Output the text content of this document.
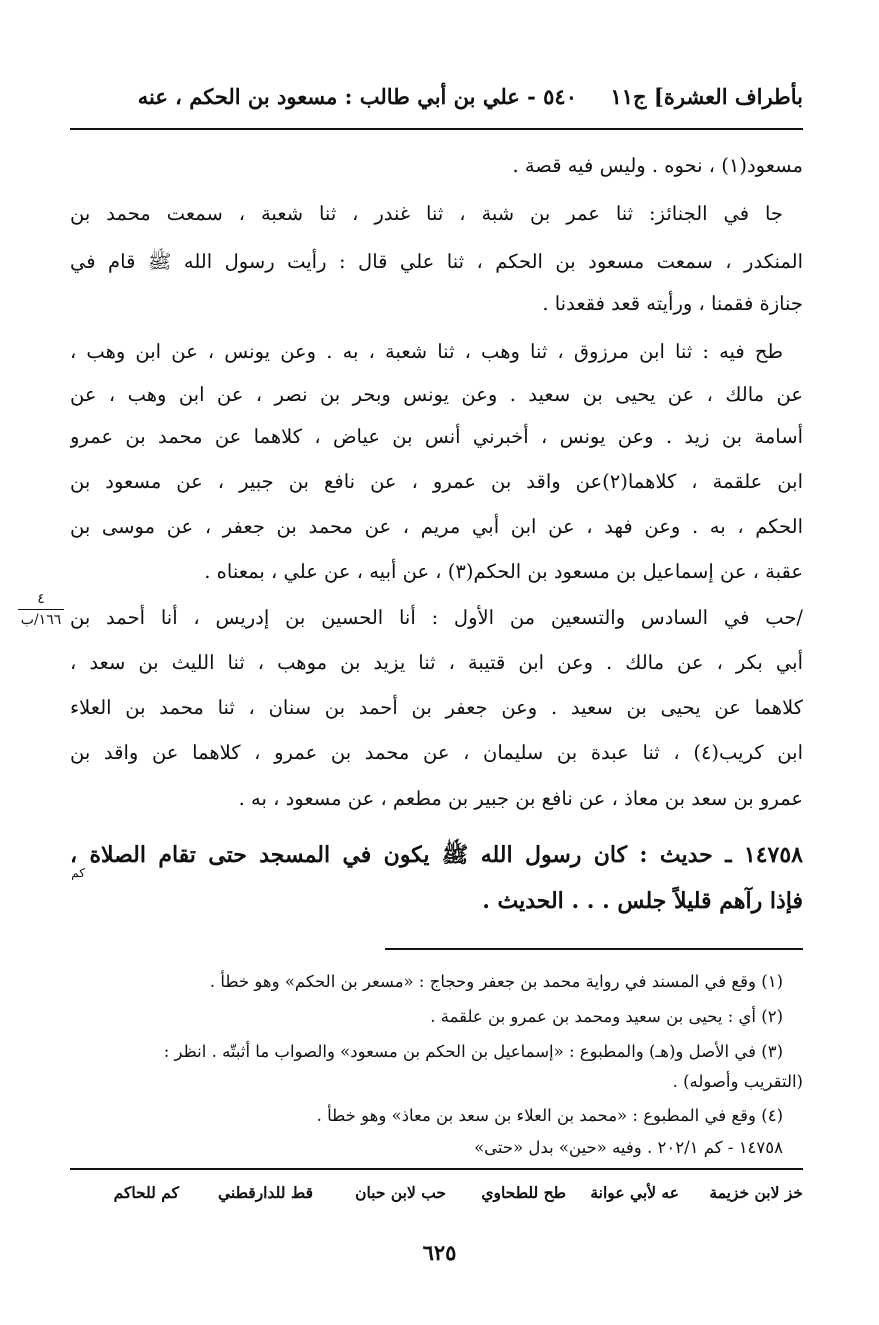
بأطراف العشرة] ج١١
٥٤٠ - علي بن أبي طالب : مسعود بن الحكم ، عنه
مسعود(١) ، نحوه . وليس فيه قصة .
جا في الجنائز: ثنا عمر بن شبة ، ثنا غندر ، ثنا شعبة ، سمعت محمد بن
المنكدر ، سمعت مسعود بن الحكم ، ثنا علي قال : رأيت رسول الله ﷺ قام في
جنازة فقمنا ، ورأيته قعد فقعدنا .
طح فيه : ثنا ابن مرزوق ، ثنا وهب ، ثنا شعبة ، به . وعن يونس ، عن ابن وهب ،
عن مالك ، عن يحيى بن سعيد . وعن يونس وبحر بن نصر ، عن ابن وهب ، عن
أسامة بن زيد . وعن يونس ، أخبرني أنس بن عياض ، كلاهما عن محمد بن عمرو
ابن علقمة ، كلاهما(٢)عن واقد بن عمرو ، عن نافع بن جبير ، عن مسعود بن
الحكم ، به . وعن فهد ، عن ابن أبي مريم ، عن محمد بن جعفر ، عن موسى بن
عقبة ، عن إسماعيل بن مسعود بن الحكم(٣) ، عن أبيه ، عن علي ، بمعناه .
/حب في السادس والتسعين من الأول : أنا الحسين بن إدريس ، أنا أحمد بن
أبي بكر ، عن مالك . وعن ابن قتيبة ، ثنا يزيد بن موهب ، ثنا الليث بن سعد ،
كلاهما عن يحيى بن سعيد . وعن جعفر بن أحمد بن سنان ، ثنا محمد بن العلاء
ابن كريب(٤) ، ثنا عبدة بن سليمان ، عن محمد بن عمرو ، كلاهما عن واقد بن
عمرو بن سعد بن معاذ ، عن نافع بن جبير بن مطعم ، عن مسعود ، به .
٤
١٦٦/ب
١٤٧٥٨ ـ حديث : كان رسول الله ﷺ يكون في المسجد حتى تقام الصلاة ،
كم
فإذا رآهم قليلاً جلس . . . الحديث .
(١) وقع في المسند في رواية محمد بن جعفر وحجاج : «مسعر بن الحكم» وهو خطأ .
(٢) أي : يحيى بن سعيد ومحمد بن عمرو بن علقمة .
(٣) في الأصل و(هـ) والمطبوع : «إسماعيل بن الحكم بن مسعود» والصواب ما أثبتّه . انظر :
(التقريب وأصوله) .
(٤) وقع في المطبوع : «محمد بن العلاء بن سعد بن معاذ» وهو خطأ .
١٤٧٥٨ - كم ٢٠٢/١ . وفيه «حين» بدل «حتى»
خز لابن خزيمة
عه لأبي عوانة
طح للطحاوي
حب لابن حبان
قط للدارقطني
كم للحاكم
٦٢٥
